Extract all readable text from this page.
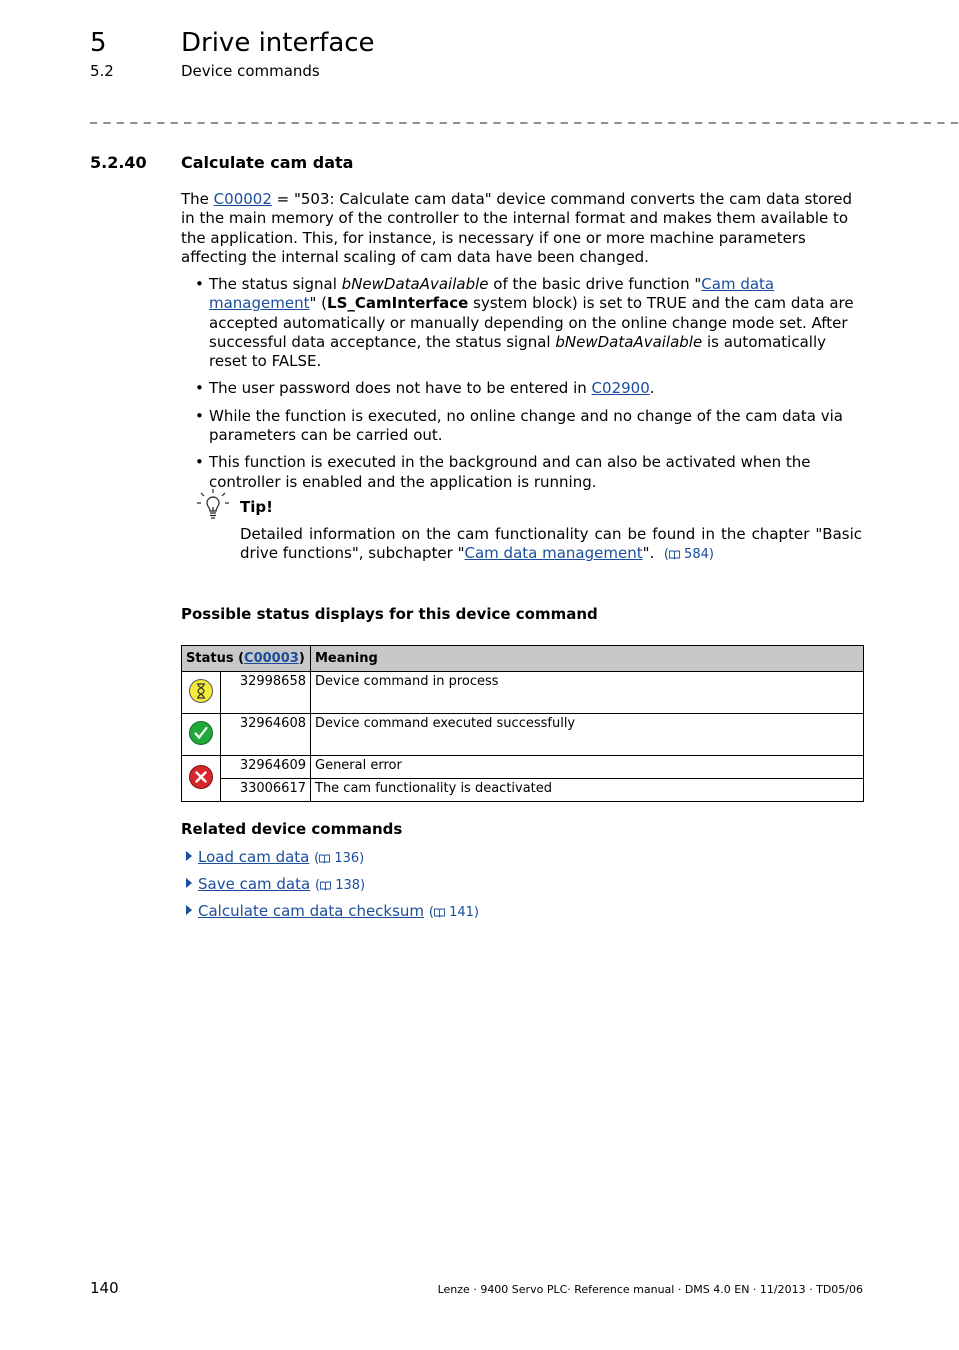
5	Drive interface
5.2	Device commands
_ _ _ _ _ _ _ _ _ _ _ _ _ _ _ _ _ _ _ _ _ _ _ _ _ _ _ _ _ _ _ _ _ _ _ _ _ _ _ _ _ _ _ _ _ _ _ _ _ _ _ _ _ _ _ _ _ _ _ _ _ _ _ _ _
5.2.40 Calculate cam data
The C00002 = "503: Calculate cam data" device command converts the cam data stored in the main memory of the controller to the internal format and makes them available to the application. This, for instance, is necessary if one or more machine parameters affecting the internal scaling of cam data have been changed.
• The status signal bNewDataAvailable of the basic drive function "Cam data management" (LS_CamInterface system block) is set to TRUE and the cam data are accepted automatically or manually depending on the online change mode set. After successful data acceptance, the status signal bNewDataAvailable is automatically reset to FALSE.
• The user password does not have to be entered in C02900.
• While the function is executed, no online change and no change of the cam data via parameters can be carried out.
• This function is executed in the background and can also be activated when the controller is enabled and the application is running.
Tip!
Detailed information on the cam functionality can be found in the chapter "Basic drive functions", subchapter "Cam data management". ( 584)
Possible status displays for this device command
Status (C00003)		Meaning
	32998658	Device command in process
	32964608	Device command executed successfully
	32964609	General error
	33006617	The cam functionality is deactivated
Related device commands
Load cam data ( 136)
Save cam data ( 138)
Calculate cam data checksum ( 141)
140	Lenze · 9400 Servo PLC· Reference manual · DMS 4.0 EN · 11/2013 · TD05/06
